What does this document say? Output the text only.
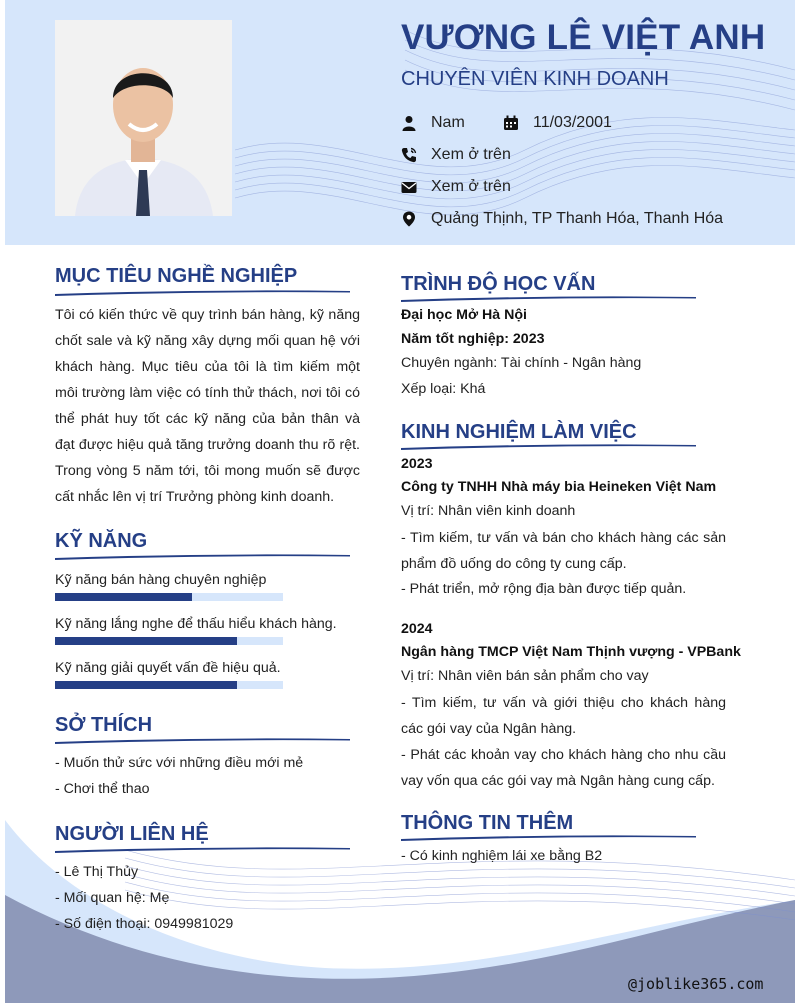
VƯƠNG LÊ VIỆT ANH
CHUYÊN VIÊN KINH DOANH
Nam	11/03/2001
Xem ở trên
Xem ở trên
Quảng Thịnh, TP Thanh Hóa, Thanh Hóa
MỤC TIÊU NGHỀ NGHIỆP
Tôi có kiến thức về quy trình bán hàng, kỹ năng chốt sale và kỹ năng xây dựng mối quan hệ với khách hàng. Mục tiêu của tôi là tìm kiếm một môi trường làm việc có tính thử thách, nơi tôi có thể phát huy tốt các kỹ năng của bản thân và đạt được hiệu quả tăng trưởng doanh thu rõ rệt. Trong vòng 5 năm tới, tôi mong muốn sẽ được cất nhắc lên vị trí Trưởng phòng kinh doanh.
KỸ NĂNG
SỞ THÍCH
- Muốn thử sức với những điều mới mẻ
- Chơi thể thao
NGƯỜI LIÊN HỆ
- Lê Thị Thủy
- Mối quan hệ: Mẹ
- Số điện thoại: 0949981029
TRÌNH ĐỘ HỌC VẤN
Đại học Mở Hà Nội
Năm tốt nghiệp: 2023
Chuyên ngành: Tài chính - Ngân hàng
Xếp loại: Khá
KINH NGHIỆM LÀM VIỆC
2023
Công ty TNHH Nhà máy bia Heineken Việt Nam
Vị trí: Nhân viên kinh doanh
- Tìm kiếm, tư vấn và bán cho khách hàng các sản phẩm đồ uống do công ty cung cấp.
- Phát triển, mở rộng địa bàn được tiếp quản.
2024
Ngân hàng TMCP Việt Nam Thịnh vượng - VPBank
Vị trí: Nhân viên bán sản phẩm cho vay
- Tìm kiếm, tư vấn và giới thiệu cho khách hàng các gói vay của Ngân hàng.
- Phát các khoản vay cho khách hàng cho nhu cầu vay vốn qua các gói vay mà Ngân hàng cung cấp.
THÔNG TIN THÊM
- Có kinh nghiệm lái xe bằng B2
@joblike365.com
Kỹ năng bán hàng chuyên nghiệp
Kỹ năng lắng nghe để thấu hiểu khách hàng.
Kỹ năng giải quyết vấn đề hiệu quả.
